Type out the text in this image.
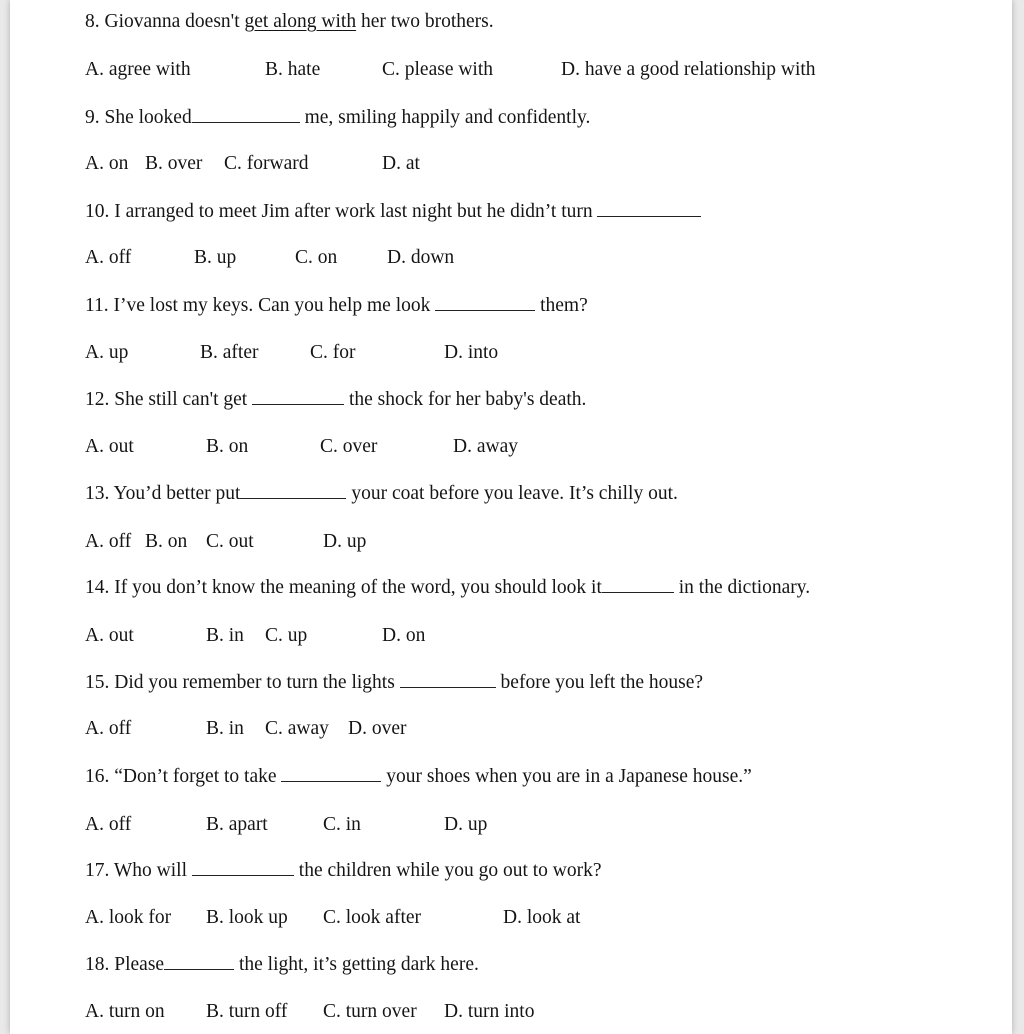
8. Giovanna doesn't get along with her two brothers.
A. agree with	B. hate	C. please with	D. have a good relationship with
9. She looked	me, smiling happily and confidently.
A. on B. over C. forward	D. at
10. I arranged to meet Jim after work last night but he didn’t turn
A. off	B. up	C. on	D. down
11. I’ve lost my keys. Can you help me look	them?
A. up	B. after	C. for	D. into
12. She still can't get	the shock for her baby's death.
A. out	B. on	C. over	D. away
13. You’d better put	your coat before you leave. It’s chilly out.
A. off B. on C. out	D. up
14. If you don’t know the meaning of the word, you should look it	in the dictionary.
A. out	B. in C. up	D. on
15. Did you remember to turn the lights	before you left the house?
A. off	B. in C. away D. over
16. “Don’t forget to take	your shoes when you are in a Japanese house.”
A. off	B. apart	C. in	D. up
17. Who will	the children while you go out to work?
A. look for B. look up C. look after	D. look at
18. Please	the light, it’s getting dark here.
A. turn on B. turn off C. turn over D. turn into
